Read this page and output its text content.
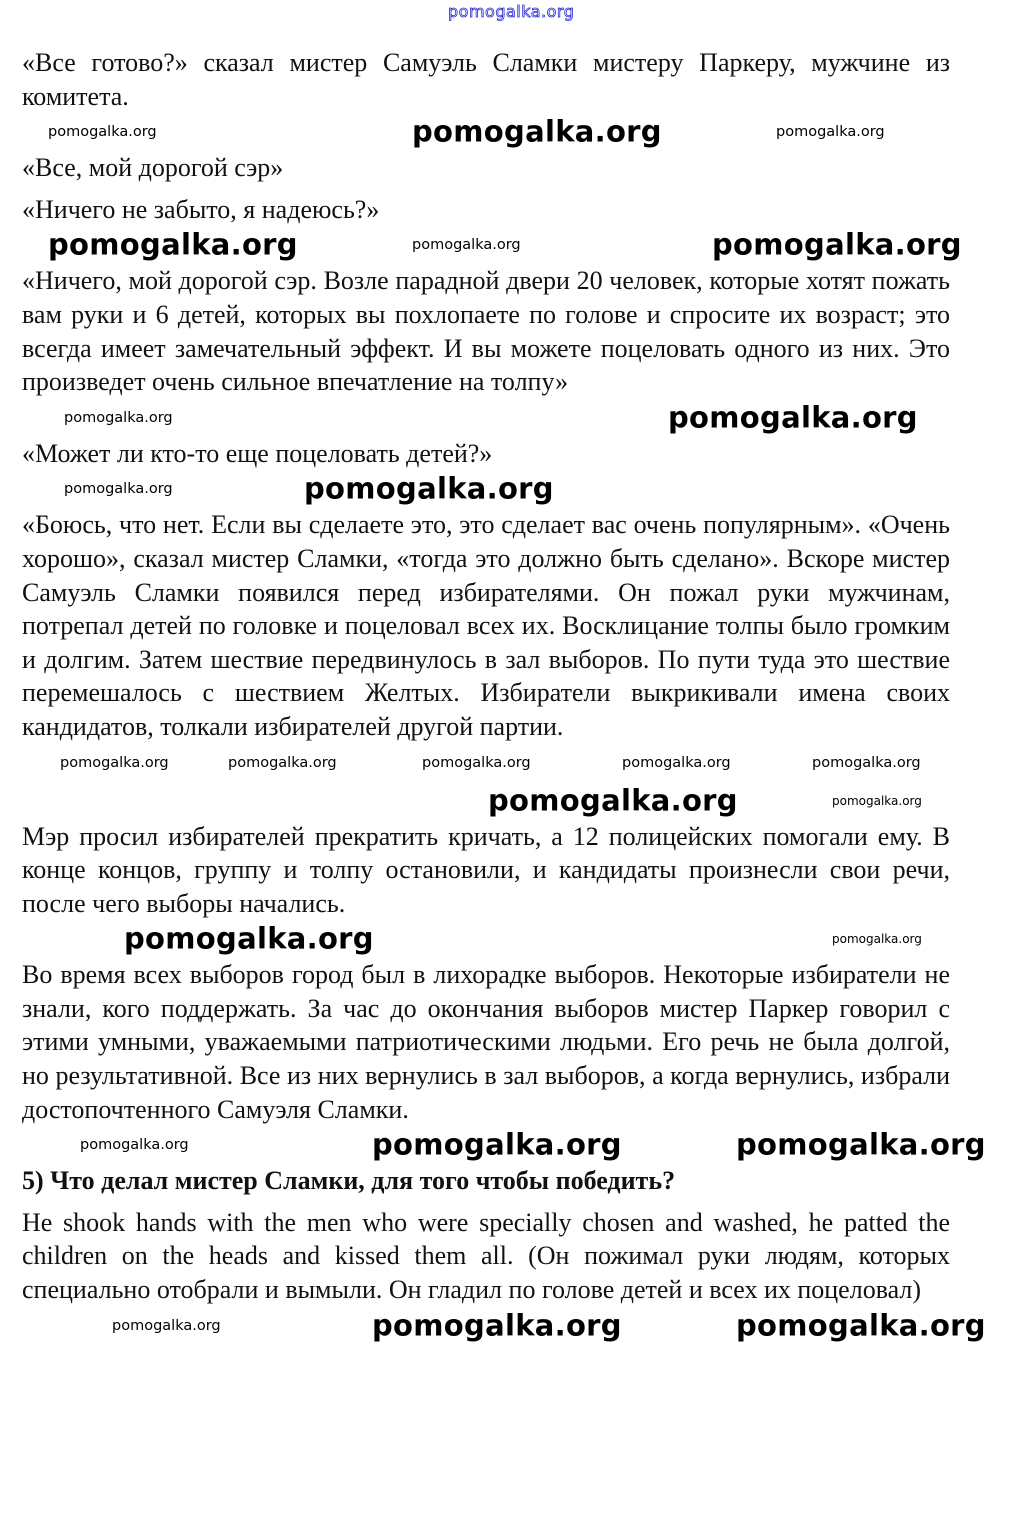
pomogalka.org

«Все готово?» сказал мистер Самуэль Сламки мистеру Паркеру, мужчине из комитета.

pomogalka.org	pomogalka.org	pomogalka.org

«Все, мой дорогой сэр»

«Ничего не забыто, я надеюсь?»

pomogalka.org	pomogalka.org	pomogalka.org

«Ничего, мой дорогой сэр. Возле парадной двери 20 человек, которые хотят пожать вам руки и 6 детей, которых вы похлопаете по голове и спросите их возраст; это всегда имеет замечательный эффект. И вы можете поцеловать одного из них. Это произведет очень сильное впечатление на толпу»

pomogalka.org	pomogalka.org

«Может ли кто-то еще поцеловать детей?»

pomogalka.org	pomogalka.org

«Боюсь, что нет. Если вы сделаете это, это сделает вас очень популярным». «Очень хорошо», сказал мистер Сламки, «тогда это должно быть сделано». Вскоре мистер Самуэль Сламки появился перед избирателями. Он пожал руки мужчинам, потрепал детей по головке и поцеловал всех их. Восклицание толпы было громким и долгим. Затем шествие передвинулось в зал выборов. По пути туда это шествие перемешалось с шествием Желтых. Избиратели выкрикивали имена своих кандидатов, толкали избирателей другой партии.

pomogalka.org	pomogalka.org	pomogalka.org	pomogalka.org	pomogalka.org
pomogalka.org	pomogalka.org

Мэр просил избирателей прекратить кричать, а 12 полицейских помогали ему. В конце концов, группу и толпу остановили, и кандидаты произнесли свои речи, после чего выборы начались.

pomogalka.org	pomogalka.org

Во время всех выборов город был в лихорадке выборов. Некоторые избиратели не знали, кого поддержать. За час до окончания выборов мистер Паркер говорил с этими умными, уважаемыми патриотическими людьми. Его речь не была долгой, но результативной. Все из них вернулись в зал выборов, а когда вернулись, избрали достопочтенного Самуэля Сламки.

pomogalka.org	pomogalka.org	pomogalka.org

5) Что делал мистер Сламки, для того чтобы победить?

He shook hands with the men who were specially chosen and washed, he patted the children on the heads and kissed them all. (Он пожимал руки людям, которых специально отобрали и вымыли. Он гладил по голове детей и всех их поцеловал)

pomogalka.org	pomogalka.org	pomogalka.org
